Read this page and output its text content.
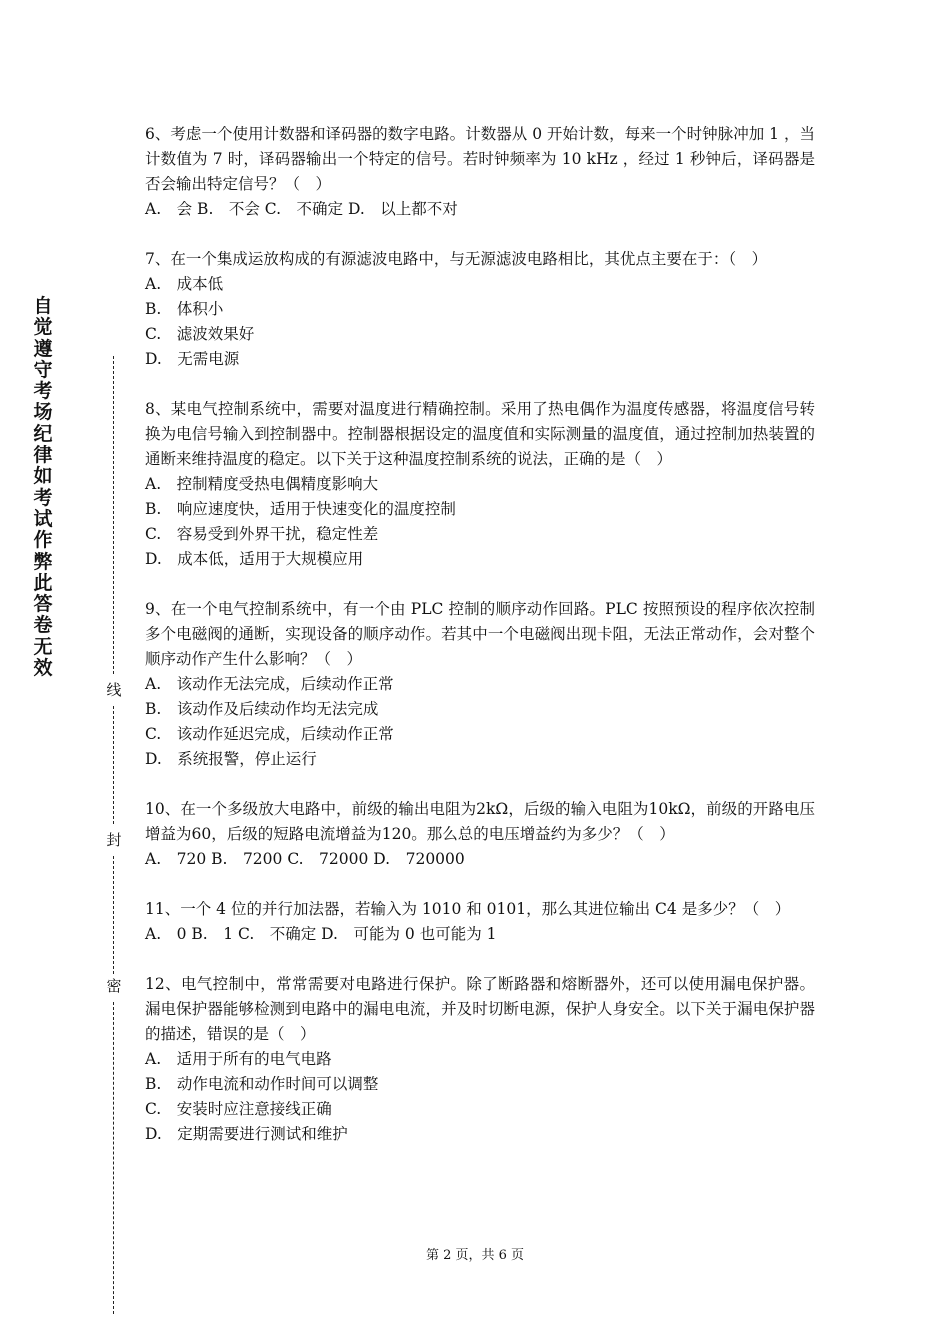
自
觉
遵
守
考
场
纪
律
如
考
试
作
弊
此
答
卷
无
效
线
封
密
6、考虑一个使用计数器和译码器的数字电路。计数器从 0 开始计数，每来一个时钟脉冲加 1 ，当计数值为 7 时，译码器输出一个特定的信号。若时钟频率为 10 kHz ，经过 1 秒钟后，译码器是否会输出特定信号？（　）
A.　会 B.　不会 C.　不确定 D.　以上都不对
7、在一个集成运放构成的有源滤波电路中，与无源滤波电路相比，其优点主要在于：（　）
A.　成本低
B.　体积小
C.　滤波效果好
D.　无需电源
8、某电气控制系统中，需要对温度进行精确控制。采用了热电偶作为温度传感器，将温度信号转换为电信号输入到控制器中。控制器根据设定的温度值和实际测量的温度值，通过控制加热装置的通断来维持温度的稳定。以下关于这种温度控制系统的说法，正确的是（　）
A.　控制精度受热电偶精度影响大
B.　响应速度快，适用于快速变化的温度控制
C.　容易受到外界干扰，稳定性差
D.　成本低，适用于大规模应用
9、在一个电气控制系统中，有一个由 PLC 控制的顺序动作回路。PLC 按照预设的程序依次控制多个电磁阀的通断，实现设备的顺序动作。若其中一个电磁阀出现卡阻，无法正常动作，会对整个顺序动作产生什么影响？（　）
A.　该动作无法完成，后续动作正常
B.　该动作及后续动作均无法完成
C.　该动作延迟完成，后续动作正常
D.　系统报警，停止运行
10、在一个多级放大电路中，前级的输出电阻为2kΩ，后级的输入电阻为10kΩ，前级的开路电压增益为60，后级的短路电流增益为120。那么总的电压增益约为多少？（　）
A.　720 B.　7200 C.　72000 D.　720000
11、一个 4 位的并行加法器，若输入为 1010 和 0101，那么其进位输出 C4 是多少？（　）
A.　0 B.　1 C.　不确定 D.　可能为 0 也可能为 1
12、电气控制中，常常需要对电路进行保护。除了断路器和熔断器外，还可以使用漏电保护器。漏电保护器能够检测到电路中的漏电电流，并及时切断电源，保护人身安全。以下关于漏电保护器的描述，错误的是（　）
A.　适用于所有的电气电路
B.　动作电流和动作时间可以调整
C.　安装时应注意接线正确
D.　定期需要进行测试和维护
第 2 页，共 6 页
